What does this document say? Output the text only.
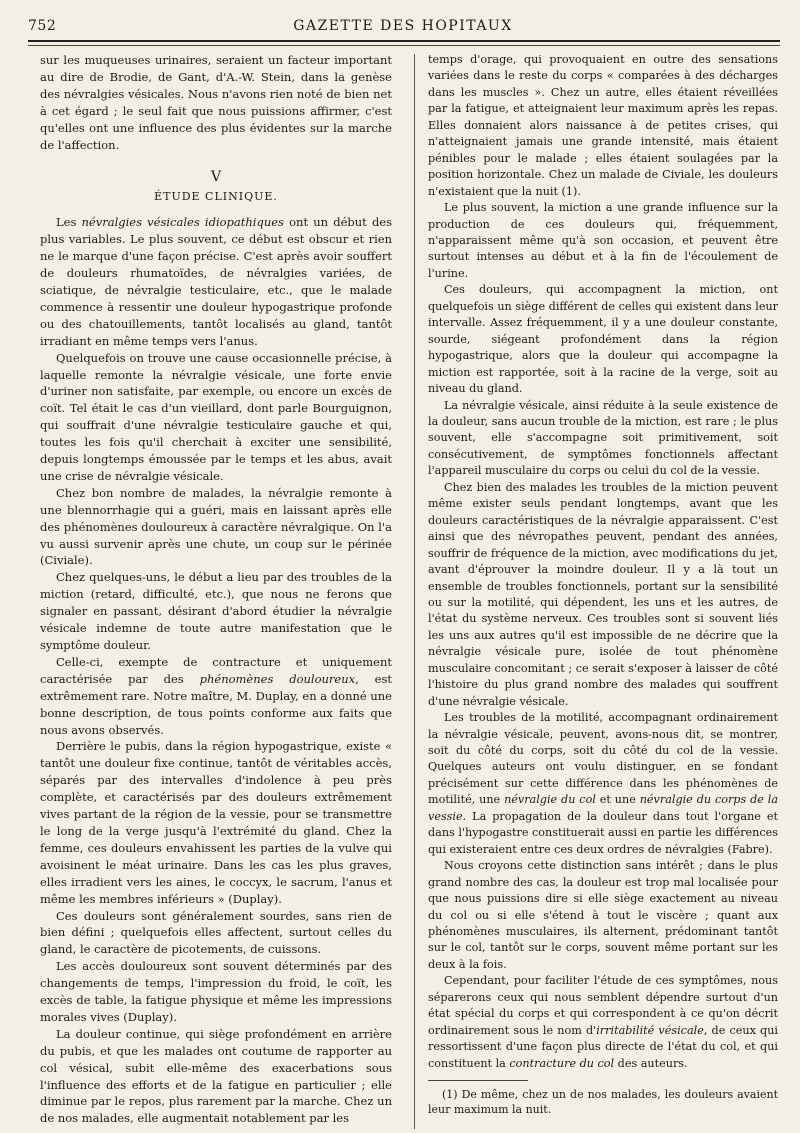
752	GAZETTE DES HOPITAUX

sur les muqueuses urinaires, seraient un facteur important au dire de Brodie, de Gant, d'A.-W. Stein, dans la genèse des névralgies vésicales. Nous n'avons rien noté de bien net à cet égard ; le seul fait que nous puissions affirmer, c'est qu'elles ont une influence des plus évidentes sur la marche de l'affection.

V
ÉTUDE CLINIQUE.

Les névralgies vésicales idiopathiques ont un début des plus variables. Le plus souvent, ce début est obscur et rien ne le marque d'une façon précise. C'est après avoir souffert de douleurs rhumatoïdes, de névralgies variées, de sciatique, de névralgie testiculaire, etc., que le malade commence à ressentir une douleur hypogastrique profonde ou des chatouillements, tantôt localisés au gland, tantôt irradiant en même temps vers l'anus.

Quelquefois on trouve une cause occasionnelle précise, à laquelle remonte la névralgie vésicale, une forte envie d'uriner non satisfaite, par exemple, ou encore un excès de coït. Tel était le cas d'un vieillard, dont parle Bourguignon, qui souffrait d'une névralgie testiculaire gauche et qui, toutes les fois qu'il cherchait à exciter une sensibilité, depuis longtemps émoussée par le temps et les abus, avait une crise de névralgie vésicale.

Chez bon nombre de malades, la névralgie remonte à une blennorrhagie qui a guéri, mais en laissant après elle des phénomènes douloureux à caractère névralgique. On l'a vu aussi survenir après une chute, un coup sur le périnée (Civiale).

Chez quelques-uns, le début a lieu par des troubles de la miction (retard, difficulté, etc.), que nous ne ferons que signaler en passant, désirant d'abord étudier la névralgie vésicale indemne de toute autre manifestation que le symptôme douleur.

Celle-ci, exempte de contracture et uniquement caractérisée par des phénomènes douloureux, est extrêmement rare. Notre maître, M. Duplay, en a donné une bonne description, de tous points conforme aux faits que nous avons observés.

Derrière le pubis, dans la région hypogastrique, existe « tantôt une douleur fixe continue, tantôt de véritables accès, séparés par des intervalles d'indolence à peu près complète, et caractérisés par des douleurs extrêmement vives partant de la région de la vessie, pour se transmettre le long de la verge jusqu'à l'extrémité du gland. Chez la femme, ces douleurs envahissent les parties de la vulve qui avoisinent le méat urinaire. Dans les cas les plus graves, elles irradient vers les aines, le coccyx, le sacrum, l'anus et même les membres inférieurs » (Duplay).

Ces douleurs sont généralement sourdes, sans rien de bien défini ; quelquefois elles affectent, surtout celles du gland, le caractère de picotements, de cuissons.

Les accès douloureux sont souvent déterminés par des changements de temps, l'impression du froid, le coït, les excès de table, la fatigue physique et même les impressions morales vives (Duplay).

La douleur continue, qui siège profondément en arrière du pubis, et que les malades ont coutume de rapporter au col vésical, subit elle-même des exacerbations sous l'influence des efforts et de la fatigue en particulier ; elle diminue par le repos, plus rarement par la marche. Chez un de nos malades, elle augmentait notablement par les

temps d'orage, qui provoquaient en outre des sensations variées dans le reste du corps « comparées à des décharges dans les muscles ». Chez un autre, elles étaient réveillées par la fatigue, et atteignaient leur maximum après les repas. Elles donnaient alors naissance à de petites crises, qui n'atteignaient jamais une grande intensité, mais étaient pénibles pour le malade ; elles étaient soulagées par la position horizontale. Chez un malade de Civiale, les douleurs n'existaient que la nuit (1).

Le plus souvent, la miction a une grande influence sur la production de ces douleurs qui, fréquemment, n'apparaissent même qu'à son occasion, et peuvent être surtout intenses au début et à la fin de l'écoulement de l'urine.

Ces douleurs, qui accompagnent la miction, ont quelquefois un siège différent de celles qui existent dans leur intervalle. Assez fréquemment, il y a une douleur constante, sourde, siégeant profondément dans la région hypogastrique, alors que la douleur qui accompagne la miction est rapportée, soit à la racine de la verge, soit au niveau du gland.

La névralgie vésicale, ainsi réduite à la seule existence de la douleur, sans aucun trouble de la miction, est rare ; le plus souvent, elle s'accompagne soit primitivement, soit consécutivement, de symptômes fonctionnels affectant l'appareil musculaire du corps ou celui du col de la vessie.

Chez bien des malades les troubles de la miction peuvent même exister seuls pendant longtemps, avant que les douleurs caractéristiques de la névralgie apparaissent. C'est ainsi que des névropathes peuvent, pendant des années, souffrir de fréquence de la miction, avec modifications du jet, avant d'éprouver la moindre douleur. Il y a là tout un ensemble de troubles fonctionnels, portant sur la sensibilité ou sur la motilité, qui dépendent, les uns et les autres, de l'état du système nerveux. Ces troubles sont si souvent liés les uns aux autres qu'il est impossible de ne décrire que la névralgie vésicale pure, isolée de tout phénomène musculaire concomitant ; ce serait s'exposer à laisser de côté l'histoire du plus grand nombre des malades qui souffrent d'une névralgie vésicale.

Les troubles de la motilité, accompagnant ordinairement la névralgie vésicale, peuvent, avons-nous dit, se montrer, soit du côté du corps, soit du côté du col de la vessie. Quelques auteurs ont voulu distinguer, en se fondant précisément sur cette différence dans les phénomènes de motilité, une névralgie du col et une névralgie du corps de la vessie. La propagation de la douleur dans tout l'organe et dans l'hypogastre constituerait aussi en partie les différences qui existeraient entre ces deux ordres de névralgies (Fabre).

Nous croyons cette distinction sans intérêt ; dans le plus grand nombre des cas, la douleur est trop mal localisée pour que nous puissions dire si elle siège exactement au niveau du col ou si elle s'étend à tout le viscère ; quant aux phénomènes musculaires, ils alternent, prédominant tantôt sur le col, tantôt sur le corps, souvent même portant sur les deux à la fois.

Cependant, pour faciliter l'étude de ces symptômes, nous séparerons ceux qui nous semblent dépendre surtout d'un état spécial du corps et qui correspondent à ce qu'on décrit ordinairement sous le nom d'irritabilité vésicale, de ceux qui ressortissent d'une façon plus directe de l'état du col, et qui constituent la contracture du col des auteurs.

(1) De même, chez un de nos malades, les douleurs avaient leur maximum la nuit.
